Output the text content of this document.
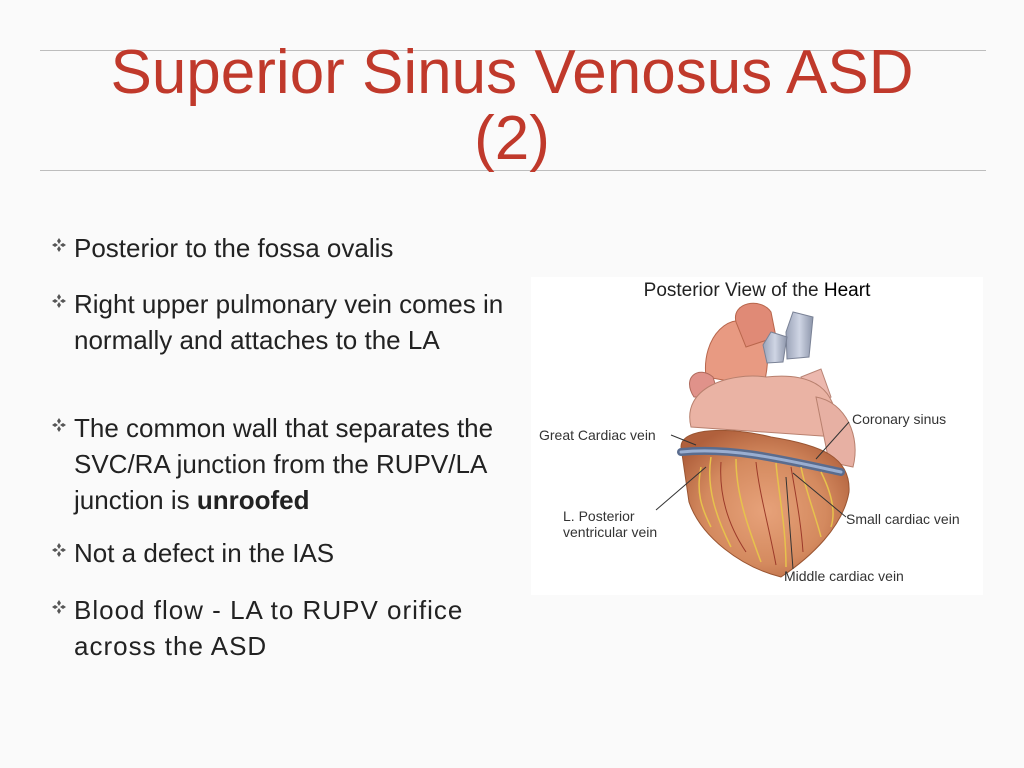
Superior Sinus Venosus ASD
(2)
Posterior to the fossa ovalis
Right upper pulmonary vein comes in normally and attaches to the LA
The common wall that separates the SVC/RA junction from the RUPV/LA junction is unroofed
Not a defect in the IAS
Blood flow - LA to RUPV orifice across the ASD
Posterior View of the Heart
Great Cardiac vein
Coronary sinus
L. Posterior
ventricular vein
Small cardiac vein
Middle cardiac vein
